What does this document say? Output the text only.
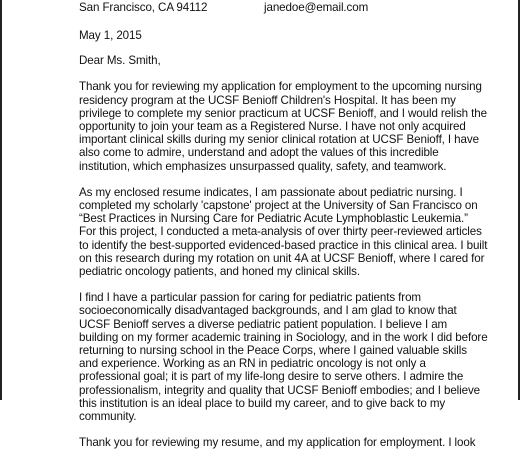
San Francisco, CA 94112	janedoe@email.com

May 1, 2015

Dear Ms. Smith,

Thank you for reviewing my application for employment to the upcoming nursing

residency program at the UCSF Benioff Children's Hospital. It has been my

privilege to complete my senior practicum at UCSF Benioff, and I would relish the

opportunity to join your team as a Registered Nurse. I have not only acquired

important clinical skills during my senior clinical rotation at UCSF Benioff, I have

also come to admire, understand and adopt the values of this incredible

institution, which emphasizes unsurpassed quality, safety, and teamwork.

As my enclosed resume indicates, I am passionate about pediatric nursing. I

completed my scholarly 'capstone' project at the University of San Francisco on

“Best Practices in Nursing Care for Pediatric Acute Lymphoblastic Leukemia.”

For this project, I conducted a meta-analysis of over thirty peer-reviewed articles

to identify the best-supported evidenced-based practice in this clinical area. I built

on this research during my rotation on unit 4A at UCSF Benioff, where I cared for

pediatric oncology patients, and honed my clinical skills.

I find I have a particular passion for caring for pediatric patients from

socioeconomically disadvantaged backgrounds, and I am glad to know that

UCSF Benioff serves a diverse pediatric patient population. I believe I am

building on my former academic training in Sociology, and in the work I did before

returning to nursing school in the Peace Corps, where I gained valuable skills

and experience. Working as an RN in pediatric oncology is not only a

professional goal; it is part of my life-long desire to serve others. I admire the

professionalism, integrity and quality that UCSF Benioff embodies; and I believe

this institution is an ideal place to build my career, and to give back to my

community.

Thank you for reviewing my resume, and my application for employment. I look
